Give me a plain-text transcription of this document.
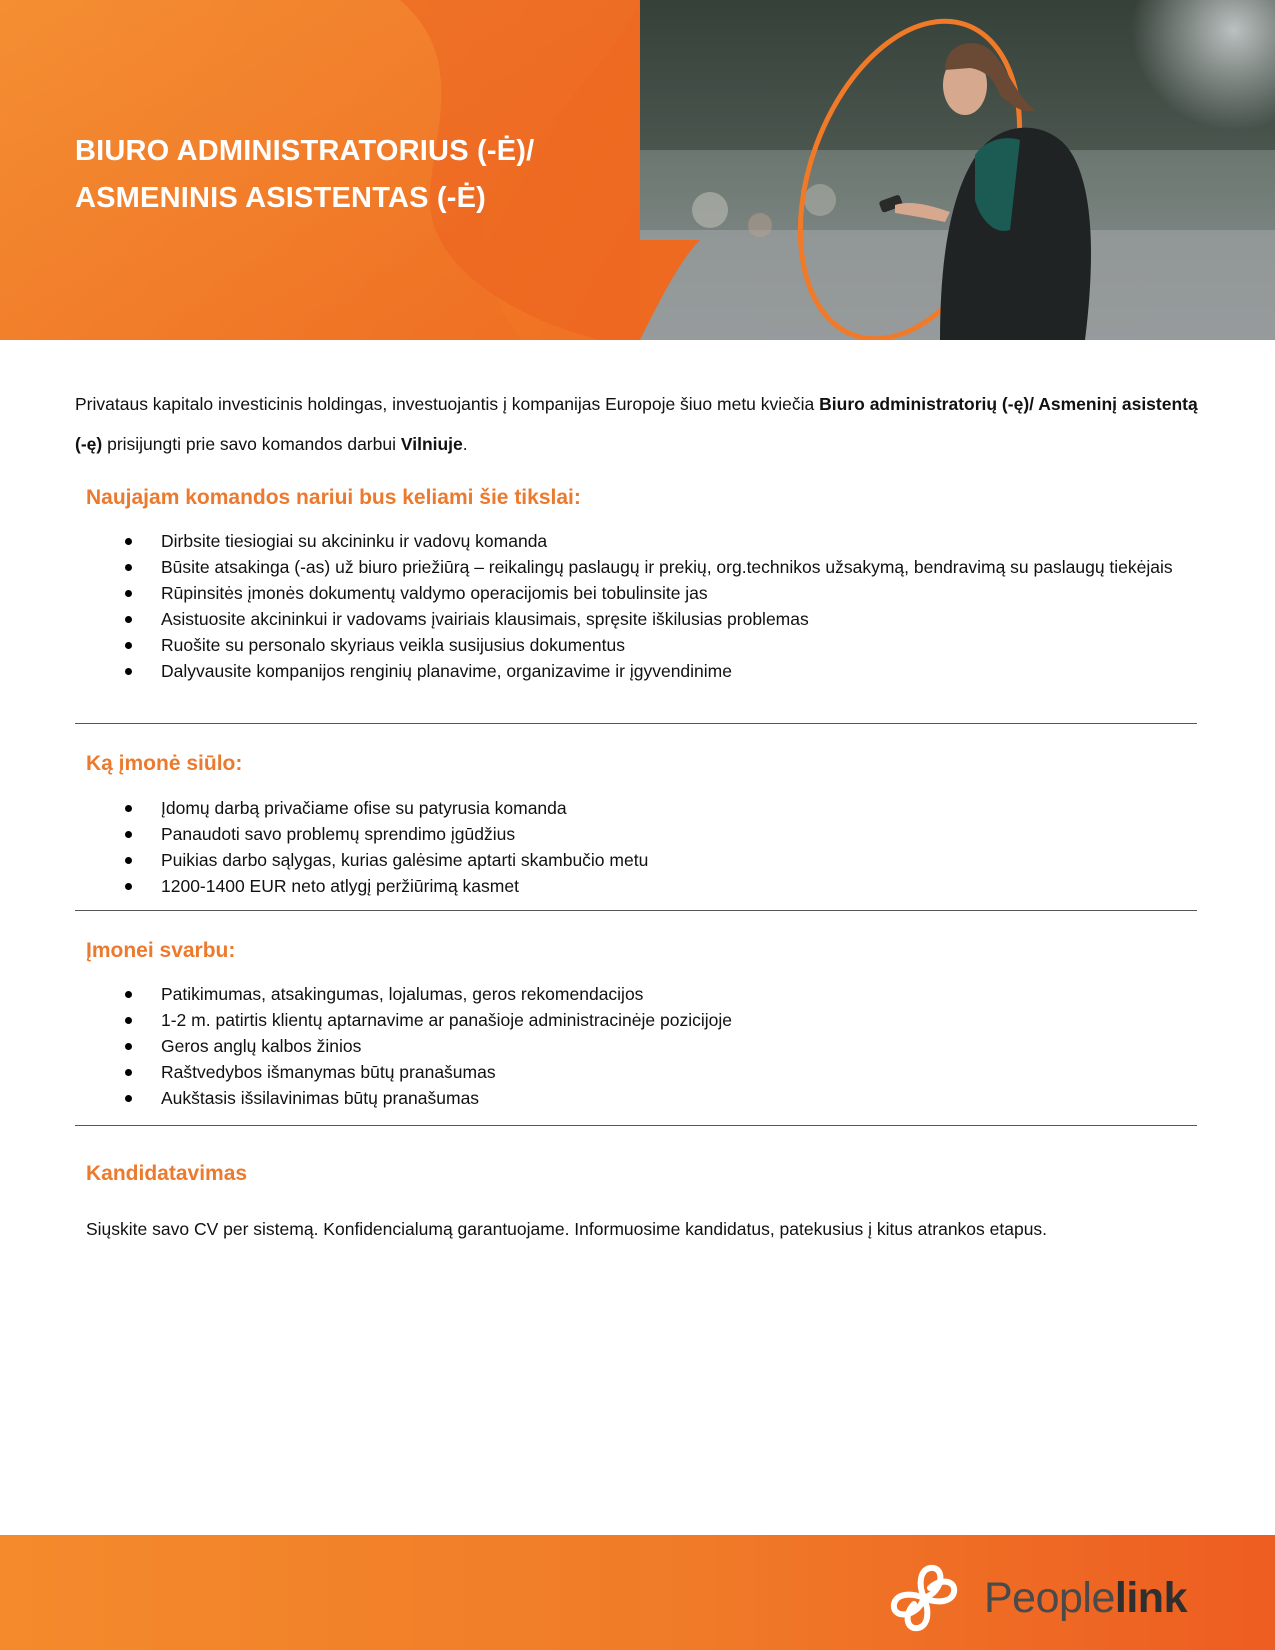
BIURO ADMINISTRATORIUS (-Ė)/
ASMENINIS ASISTENTAS (-Ė)
Privataus kapitalo investicinis holdingas, investuojantis į kompanijas Europoje šiuo metu kviečia Biuro administratorių (-ę)/ Asmeninį asistentą (-ę) prisijungti prie savo komandos darbui Vilniuje.
Naujajam komandos nariui bus keliami šie tikslai:
Dirbsite tiesiogiai su akcininku ir vadovų komanda
Būsite atsakinga (-as) už biuro priežiūrą – reikalingų paslaugų ir prekių, org.technikos užsakymą, bendravimą su paslaugų tiekėjais
Rūpinsitės įmonės dokumentų valdymo operacijomis bei tobulinsite jas
Asistuosite akcininkui ir vadovams įvairiais klausimais, spręsite iškilusias problemas
Ruošite su personalo skyriaus veikla susijusius dokumentus
Dalyvausite kompanijos renginių planavime, organizavime ir įgyvendinime
Ką įmonė siūlo:
Įdomų darbą privačiame ofise su patyrusia komanda
Panaudoti savo problemų sprendimo įgūdžius
Puikias darbo sąlygas, kurias galėsime aptarti skambučio metu
1200-1400 EUR neto atlygį peržiūrimą kasmet
Įmonei svarbu:
Patikimumas, atsakingumas, lojalumas, geros rekomendacijos
1-2 m. patirtis klientų aptarnavime ar panašioje administracinėje pozicijoje
Geros anglų kalbos žinios
Raštvedybos išmanymas būtų pranašumas
Aukštasis išsilavinimas būtų pranašumas
Kandidatavimas
Siųskite savo CV per sistemą. Konfidencialumą garantuojame. Informuosime kandidatus, patekusius į kitus atrankos etapus.
Peoplelink
